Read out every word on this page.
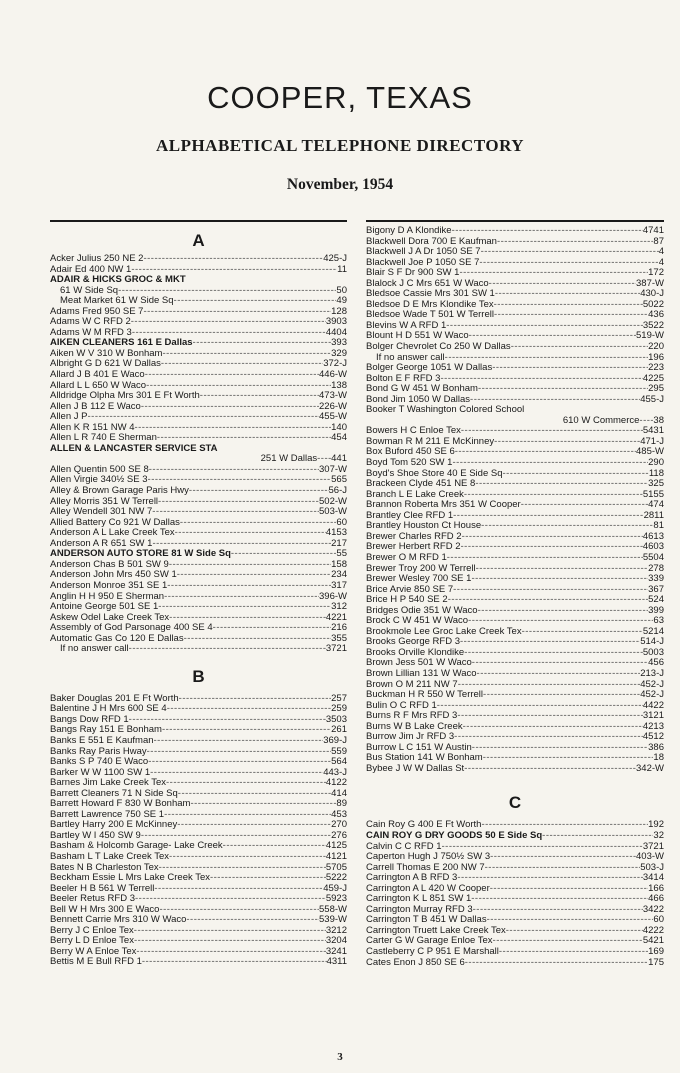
COOPER, TEXAS
ALPHABETICAL TELEPHONE DIRECTORY
November, 1954
A
Acker Julius 250 NE 2 -----	425-J
Adair Ed 400 NW 1 -----	11
ADAIR & HICKS GROC & MKT
61 W Side Sq -----	50
Meat Market 61 W Side Sq -----	49
Adams Fred 950 SE 7 -----	128
Adams W C RFD 2 -----	3903
Adams W M RFD 3 -----	4404
AIKEN CLEANERS 161 E Dallas -----	393
Aiken W V 310 W Bonham -----	329
Albright G D 621 W Dallas -----	372-J
Allard J B 401 E Waco -----	446-W
Allard L L 650 W Waco -----	138
Alldridge Olpha Mrs 301 E Ft Worth -----	473-W
Allen J B 112 E Waco -----	226-W
Allen J P -----	455-W
Allen K R 151 NW 4 -----	140
Allen L R 740 E Sherman -----	454
ALLEN & LANCASTER SERVICE STA
251 W Dallas ----- 441
Allen Quentin 500 SE 8 -----	307-W
Allen Virgie 340½ SE 3 -----	565
Alley & Brown Garage Paris Hwy -----	56-J
Alley Morris 351 W Terrell -----	502-W
Alley Wendell 301 NW 7 -----	503-W
Allied Battery Co 921 W Dallas -----	60
Anderson A L Lake Creek Tex -----	4153
Anderson A R 651 SW 1 -----	217
ANDERSON AUTO STORE 81 W Side Sq -----	55
Anderson Chas B 501 SW 9 -----	158
Anderson John Mrs 450 SW 1 -----	234
Anderson Monroe 351 SE 1 -----	317
Anglin H H 950 E Sherman -----	396-W
Antoine George 501 SE 1 -----	312
Askew Odel Lake Creek Tex -----	4221
Assembly of God Parsonage 400 SE 4 -----	216
Automatic Gas Co 120 E Dallas -----	355
If no answer call -----	3721
B
Baker Douglas 201 E Ft Worth -----	257
Balentine J H Mrs 600 SE 4 -----	259
Bangs Dow RFD 1 -----	3503
Bangs Ray 151 E Bonham -----	261
Banks E 551 E Kaufman -----	369-J
Banks Ray Paris Hway -----	559
Banks S P 740 E Waco -----	564
Barker W W 1100 SW 1 -----	443-J
Barnes Jim Lake Creek Tex -----	4122
Barrett Cleaners 71 N Side Sq -----	414
Barrett Howard F 830 W Bonham -----	89
Barrett Lawrence 750 SE 1 -----	453
Bartley Harry 200 E McKinney -----	270
Bartley W I 450 SW 9 -----	276
Basham & Holcomb Garage- Lake Creek -----	4125
Basham L T Lake Creek Tex -----	4121
Bates N B Charleston Tex -----	5705
Beckham Essie L Mrs Lake Creek Tex -----	5222
Beeler H B 561 W Terrell -----	459-J
Beeler Retus RFD 3 -----	5923
Bell W H Mrs 300 E Waco -----	558-W
Bennett Carrie Mrs 310 W Waco -----	539-W
Berry J C Enloe Tex -----	3212
Berry L D Enloe Tex -----	3204
Berry W A Enloe Tex -----	3241
Bettis M E Bull RFD 1 -----	4311
Bigony D A Klondike -----	4741
Blackwell Dora 700 E Kaufman -----	87
Blackwell J A Dr 1050 SE 7 -----	4
Blackwell Joe P 1050 SE 7 -----	4
Blair S F Dr 900 SW 1 -----	172
Blalock J C Mrs 651 W Waco -----	387-W
Bledsoe Cassie Mrs 301 SW 1 -----	430-J
Bledsoe D E Mrs Klondike Tex -----	5022
Bledsoe Wade T 501 W Terrell -----	436
Blevins W A RFD 1 -----	3522
Blount H D 551 W Waco -----	519-W
Bolger Chevrolet Co 250 W Dallas -----	220
If no answer call -----	196
Bolger George 1051 W Dallas -----	223
Bolton E F RFD 3 -----	4225
Bond G W 451 W Bonham -----	295
Bond Jim 1050 W Dallas -----	455-J
Booker T Washington Colored School
610 W Commerce ----- 38
Bowers H C Enloe Tex -----	5431
Bowman R M 211 E McKinney -----	471-J
Box Buford 450 SE 6 -----	485-W
Boyd Tom 520 SW 1 -----	290
Boyd's Shoe Store 40 E Side Sq -----	118
Brackeen Clyde 451 NE 8 -----	325
Branch L E Lake Creek -----	5155
Brannon Roberta Mrs 351 W Cooper -----	474
Brantley Clee RFD 1 -----	2811
Brantley Houston Ct House -----	81
Brewer Charles RFD 2 -----	4613
Brewer Herbert RFD 2 -----	4603
Brewer O M RFD 1 -----	5504
Brewer Troy 200 W Terrell -----	278
Brewer Wesley 700 SE 1 -----	339
Brice Arvie 850 SE 7 -----	367
Brice H P 540 SE 2 -----	524
Bridges Odie 351 W Waco -----	399
Brock C W 451 W Waco -----	63
Brookmole Lee Groc Lake Creek Tex -----	5214
Brooks George RFD 3 -----	514-J
Brooks Orville Klondike -----	5003
Brown Jess 501 W Waco -----	456
Brown Lillian 131 W Waco -----	213-J
Brown O M 211 NW 7 -----	452-J
Buckman H R 550 W Terrell -----	452-J
Bulin O C RFD 1 -----	4422
Burns R F Mrs RFD 3 -----	3121
Burns W B Lake Creek -----	4213
Burrow Jim Jr RFD 3 -----	4512
Burrow L C 151 W Austin -----	386
Bus Station 141 W Bonham -----	18
Bybee J W W Dallas St -----	342-W
C
Cain Roy G 400 E Ft Worth -----	192
CAIN ROY G DRY GOODS 50 E Side Sq -----	32
Calvin C C RFD 1 -----	3721
Caperton Hugh J 750½ SW 3 -----	403-W
Carrell Thomas E 200 NW 7 -----	503-J
Carrington A B RFD 3 -----	3414
Carrington A L 420 W Cooper -----	166
Carrington K L 851 SW 1 -----	466
Carrington Murray RFD 3 -----	3422
Carrington T B 451 W Dallas -----	60
Carrington Truett Lake Creek Tex -----	4222
Carter G W Garage Enloe Tex -----	5421
Castleberry C P 951 E Marshall -----	169
Cates Enon J 850 SE 6 -----	175
3
